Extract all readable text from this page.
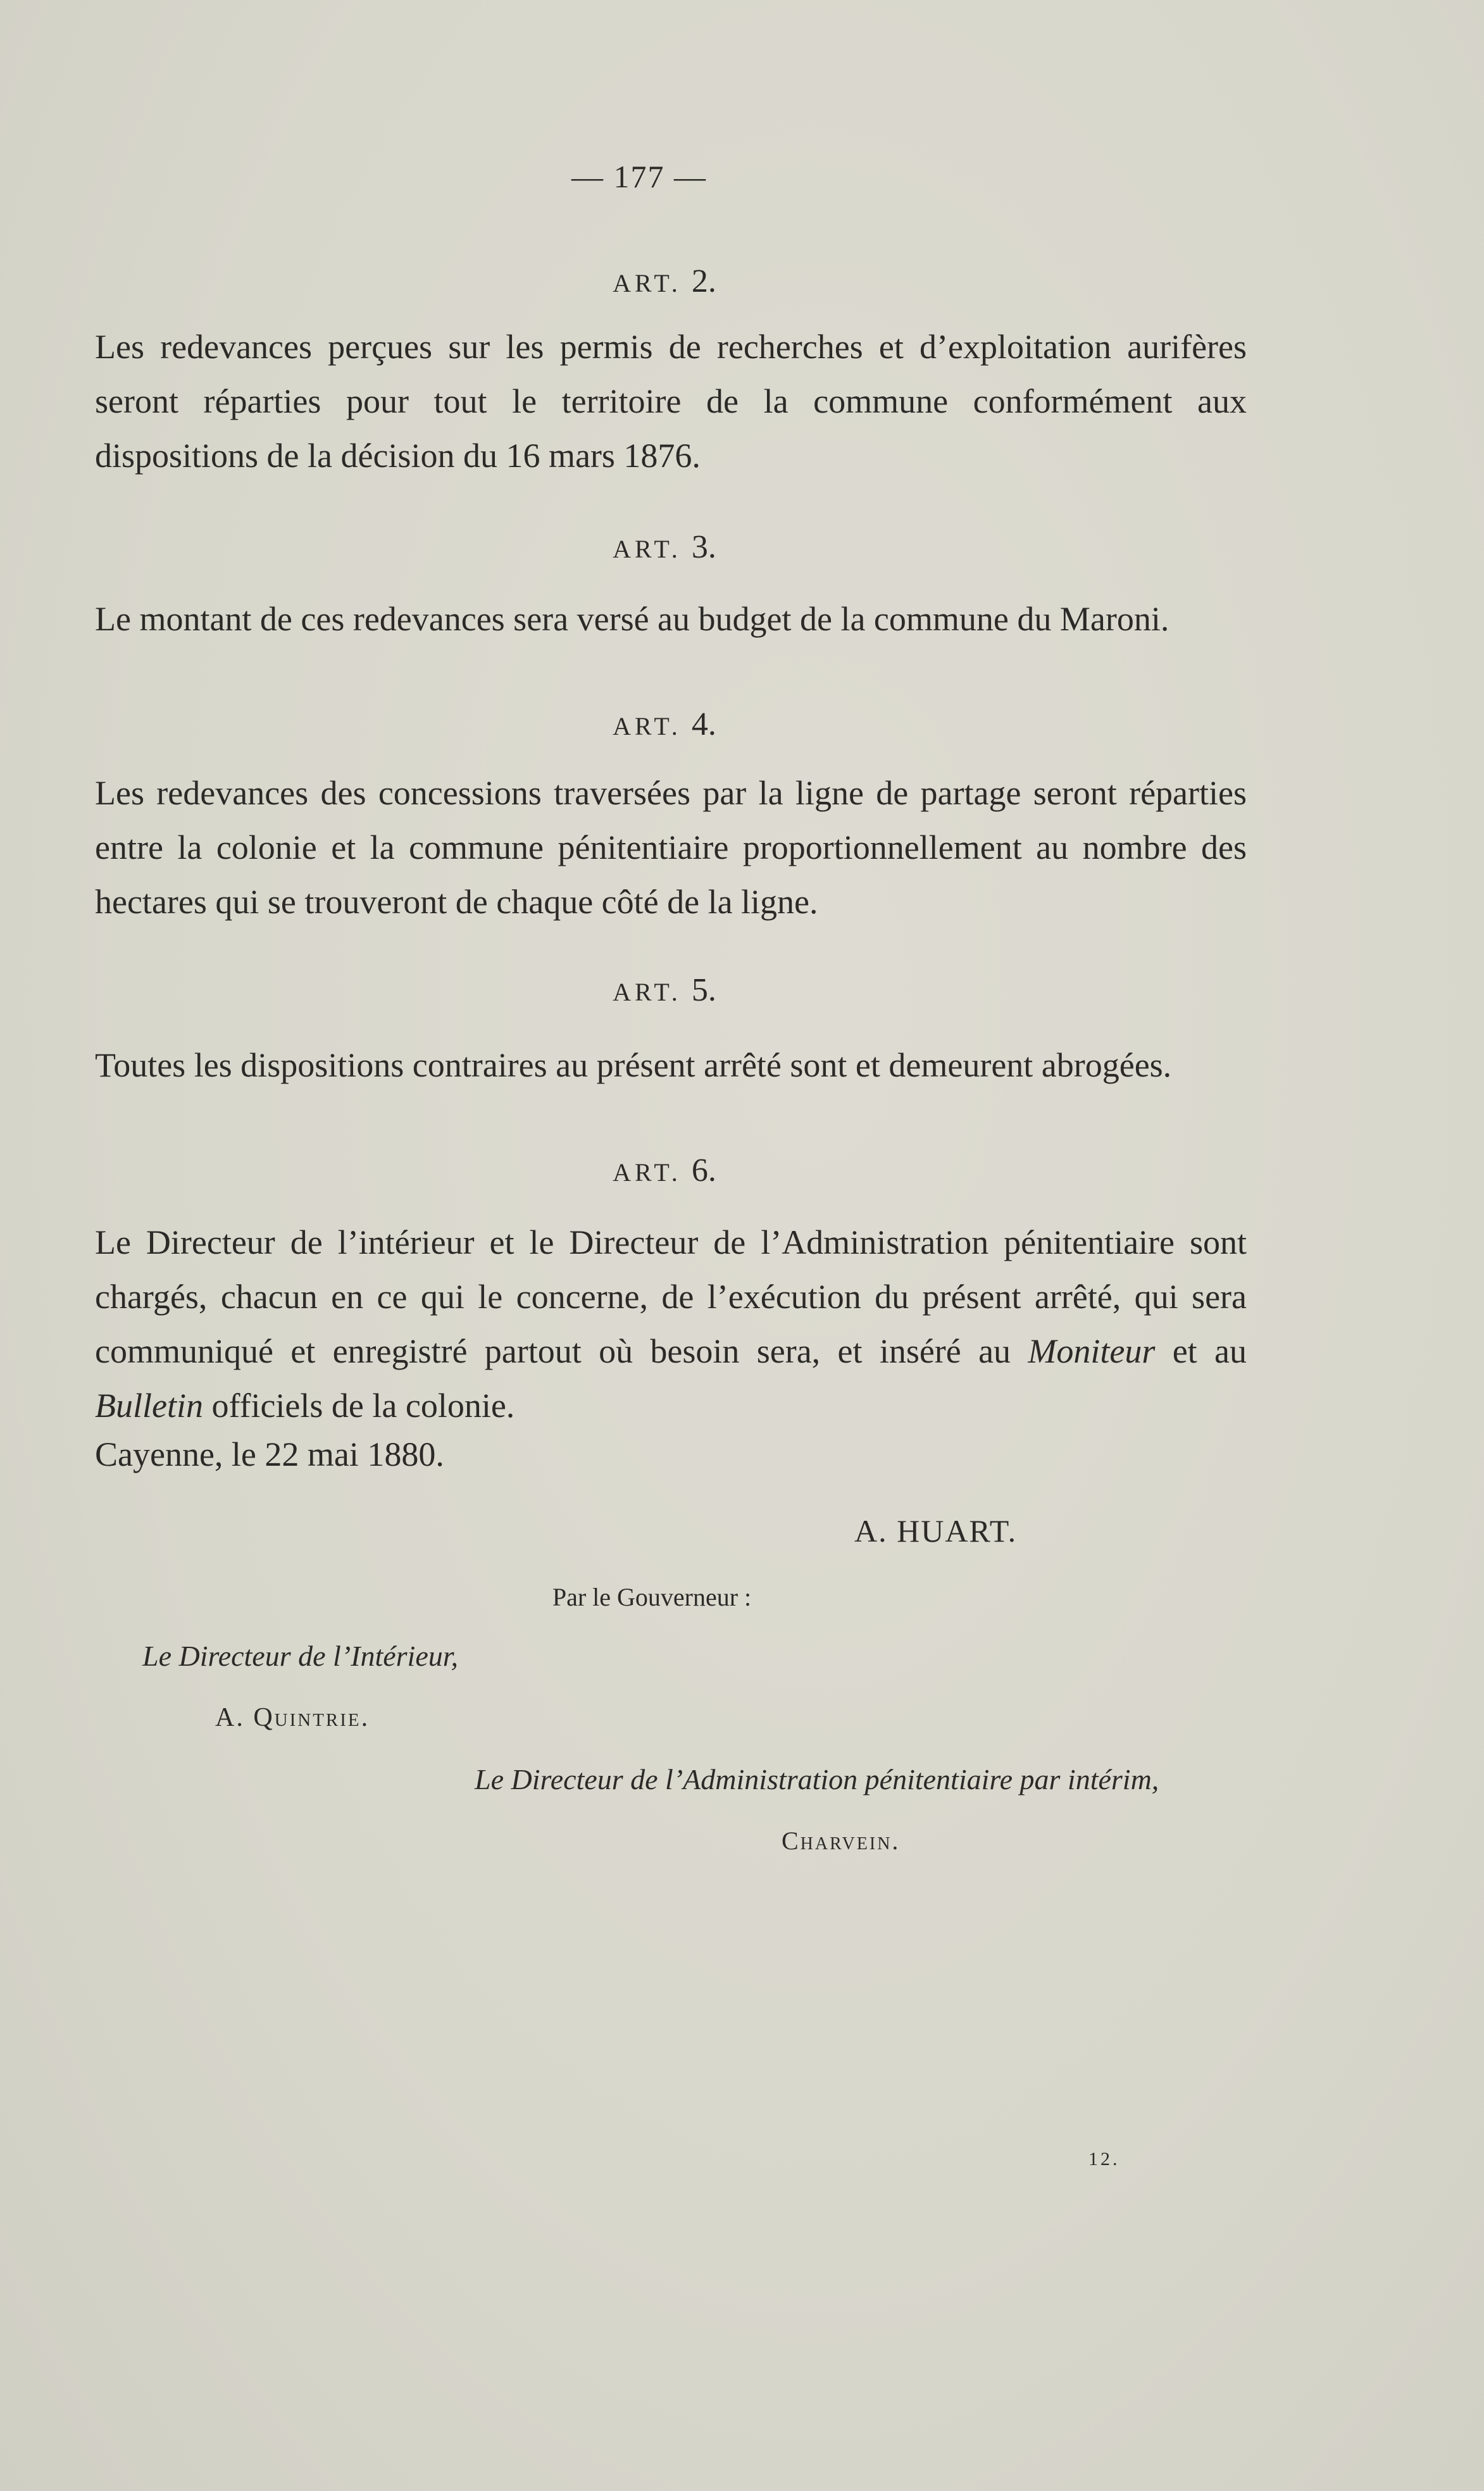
— 177 —
ART. 2.
Les redevances perçues sur les permis de recherches et d’exploitation aurifères seront réparties pour tout le territoire de la commune conformément aux dispositions de la décision du 16 mars 1876.
ART. 3.
Le montant de ces redevances sera versé au budget de la commune du Maroni.
ART. 4.
Les redevances des concessions traversées par la ligne de partage seront réparties entre la colonie et la commune pénitentiaire proportionnellement au nombre des hectares qui se trouveront de chaque côté de la ligne.
ART. 5.
Toutes les dispositions contraires au présent arrêté sont et demeurent abrogées.
ART. 6.
Le Directeur de l’intérieur et le Directeur de l’Administration pénitentiaire sont chargés, chacun en ce qui le concerne, de l’exécution du présent arrêté, qui sera communiqué et enregistré partout où besoin sera, et inséré au Moniteur et au Bulletin officiels de la colonie.
Cayenne, le 22 mai 1880.
A. HUART.
Par le Gouverneur :
Le Directeur de l’Intérieur,
A. Quintrie.
Le Directeur de l’Administration pénitentiaire par intérim,
Charvein.
12.
